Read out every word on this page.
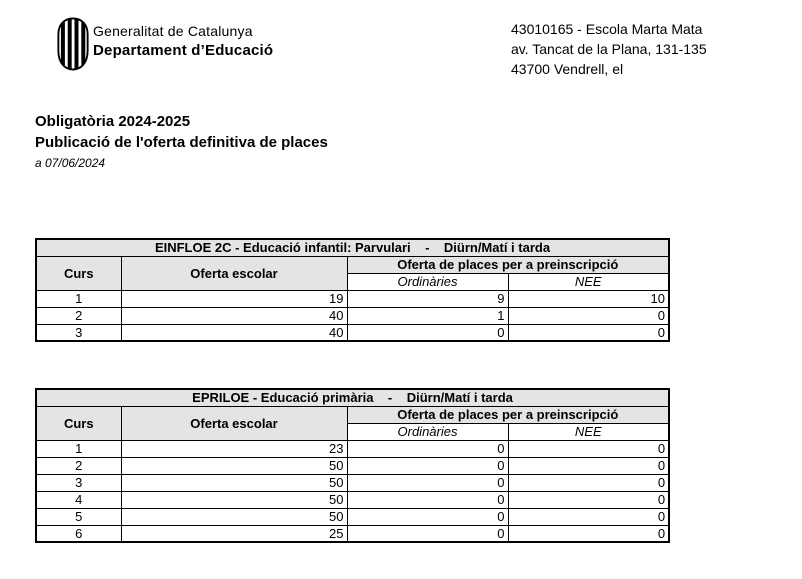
Generalitat de Catalunya
Departament d’Educació
43010165 - Escola Marta Mata
av. Tancat de la Plana, 131-135
43700 Vendrell, el
Obligatòria 2024-2025
Publicació de l'oferta definitiva de places
a 07/06/2024
EINFLOE 2C - Educació infantil: Parvulari    -    Diürn/Matí i tarda			
Curs	Oferta escolar	Oferta de places per a preinscripció	
		Ordinàries	NEE
1	19	9	10
2	40	1	0
3	40	0	0
EPRILOE - Educació primària    -    Diürn/Matí i tarda			
Curs	Oferta escolar	Oferta de places per a preinscripció	
		Ordinàries	NEE
1	23	0	0
2	50	0	0
3	50	0	0
4	50	0	0
5	50	0	0
6	25	0	0
